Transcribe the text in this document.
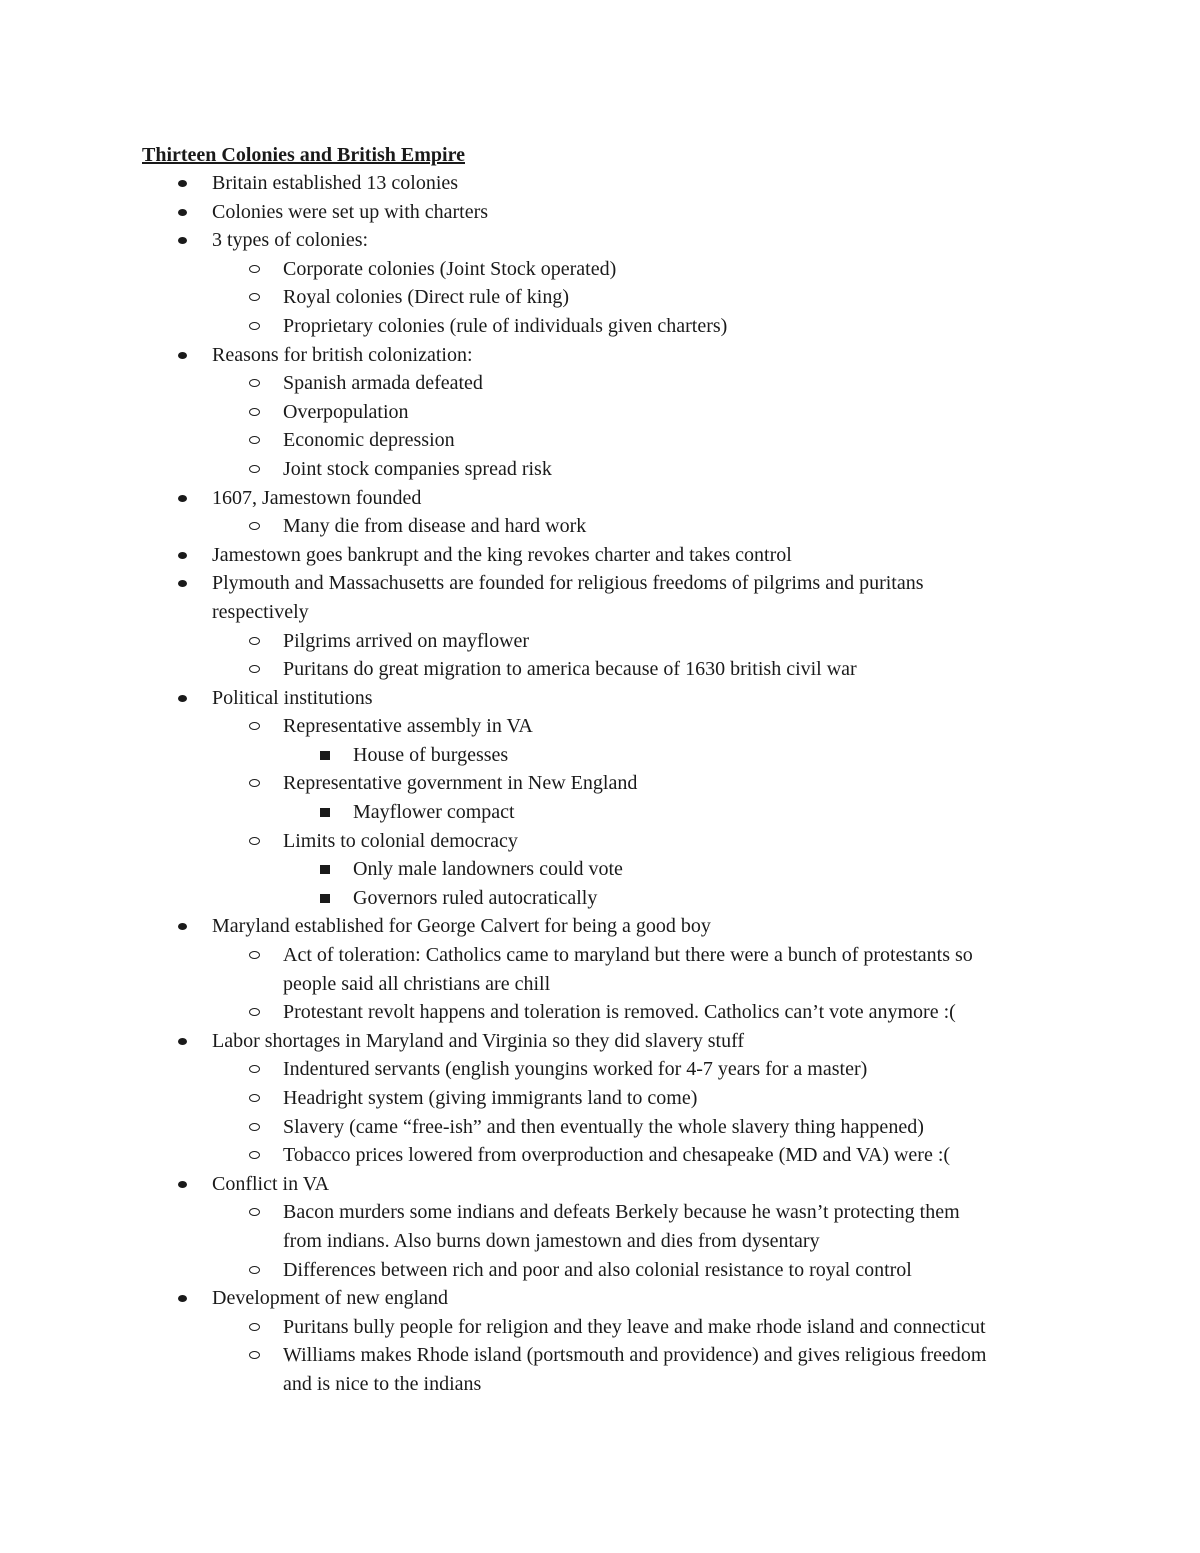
Thirteen Colonies and British Empire
Britain established 13 colonies
Colonies were set up with charters
3 types of colonies:
Corporate colonies (Joint Stock operated)
Royal colonies (Direct rule of king)
Proprietary colonies (rule of individuals given charters)
Reasons for british colonization:
Spanish armada defeated
Overpopulation
Economic depression
Joint stock companies spread risk
1607, Jamestown founded
Many die from disease and hard work
Jamestown goes bankrupt and the king revokes charter and takes control
Plymouth and Massachusetts are founded for religious freedoms of pilgrims and puritans
respectively
Pilgrims arrived on mayflower
Puritans do great migration to america because of 1630 british civil war
Political institutions
Representative assembly in VA
House of burgesses
Representative government in New England
Mayflower compact
Limits to colonial democracy
Only male landowners could vote
Governors ruled autocratically
Maryland established for George Calvert for being a good boy
Act of toleration: Catholics came to maryland but there were a bunch of protestants so
people said all christians are chill
Protestant revolt happens and toleration is removed. Catholics can’t vote anymore :(
Labor shortages in Maryland and Virginia so they did slavery stuff
Indentured servants (english youngins worked for 4-7 years for a master)
Headright system (giving immigrants land to come)
Slavery (came “free-ish” and then eventually the whole slavery thing happened)
Tobacco prices lowered from overproduction and chesapeake (MD and VA) were :(
Conflict in VA
Bacon murders some indians and defeats Berkely because he wasn’t protecting them
from indians. Also burns down jamestown and dies from dysentary
Differences between rich and poor and also colonial resistance to royal control
Development of new england
Puritans bully people for religion and they leave and make rhode island and connecticut
Williams makes Rhode island (portsmouth and providence) and gives religious freedom
and is nice to the indians
